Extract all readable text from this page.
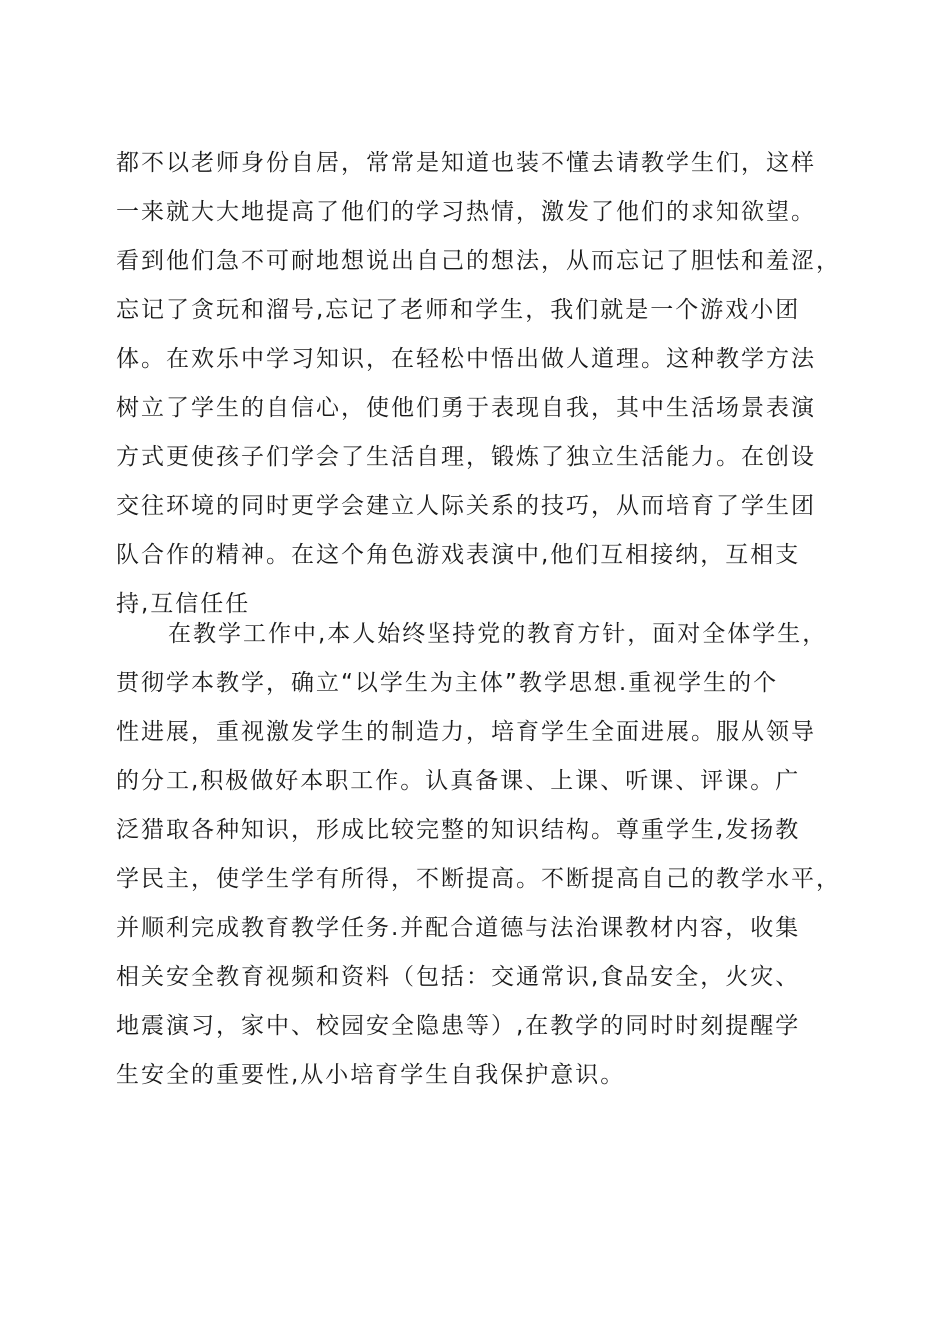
都不以老师身份自居，常常是知道也装不懂去请教学生们，这样
一来就大大地提高了他们的学习热情，激发了他们的求知欲望。
看到他们急不可耐地想说出自己的想法，从而忘记了胆怯和羞涩，
忘记了贪玩和溜号,忘记了老师和学生，我们就是一个游戏小团
体。在欢乐中学习知识，在轻松中悟出做人道理。这种教学方法
树立了学生的自信心，使他们勇于表现自我，其中生活场景表演
方式更使孩子们学会了生活自理，锻炼了独立生活能力。在创设
交往环境的同时更学会建立人际关系的技巧，从而培育了学生团
队合作的精神。在这个角色游戏表演中,他们互相接纳，互相支
持,互信任任
在教学工作中,本人始终坚持党的教育方针，面对全体学生，
贯彻学本教学，确立“以学生为主体”教学思想.重视学生的个
性进展，重视激发学生的制造力，培育学生全面进展。服从领导
的分工,积极做好本职工作。认真备课、上课、听课、评课。广
泛猎取各种知识，形成比较完整的知识结构。尊重学生,发扬教
学民主，使学生学有所得，不断提高。不断提高自己的教学水平，
并顺利完成教育教学任务.并配合道德与法治课教材内容，收集
相关安全教育视频和资料（包括：交通常识,食品安全，火灾、
地震演习，家中、校园安全隐患等）,在教学的同时时刻提醒学
生安全的重要性,从小培育学生自我保护意识。
